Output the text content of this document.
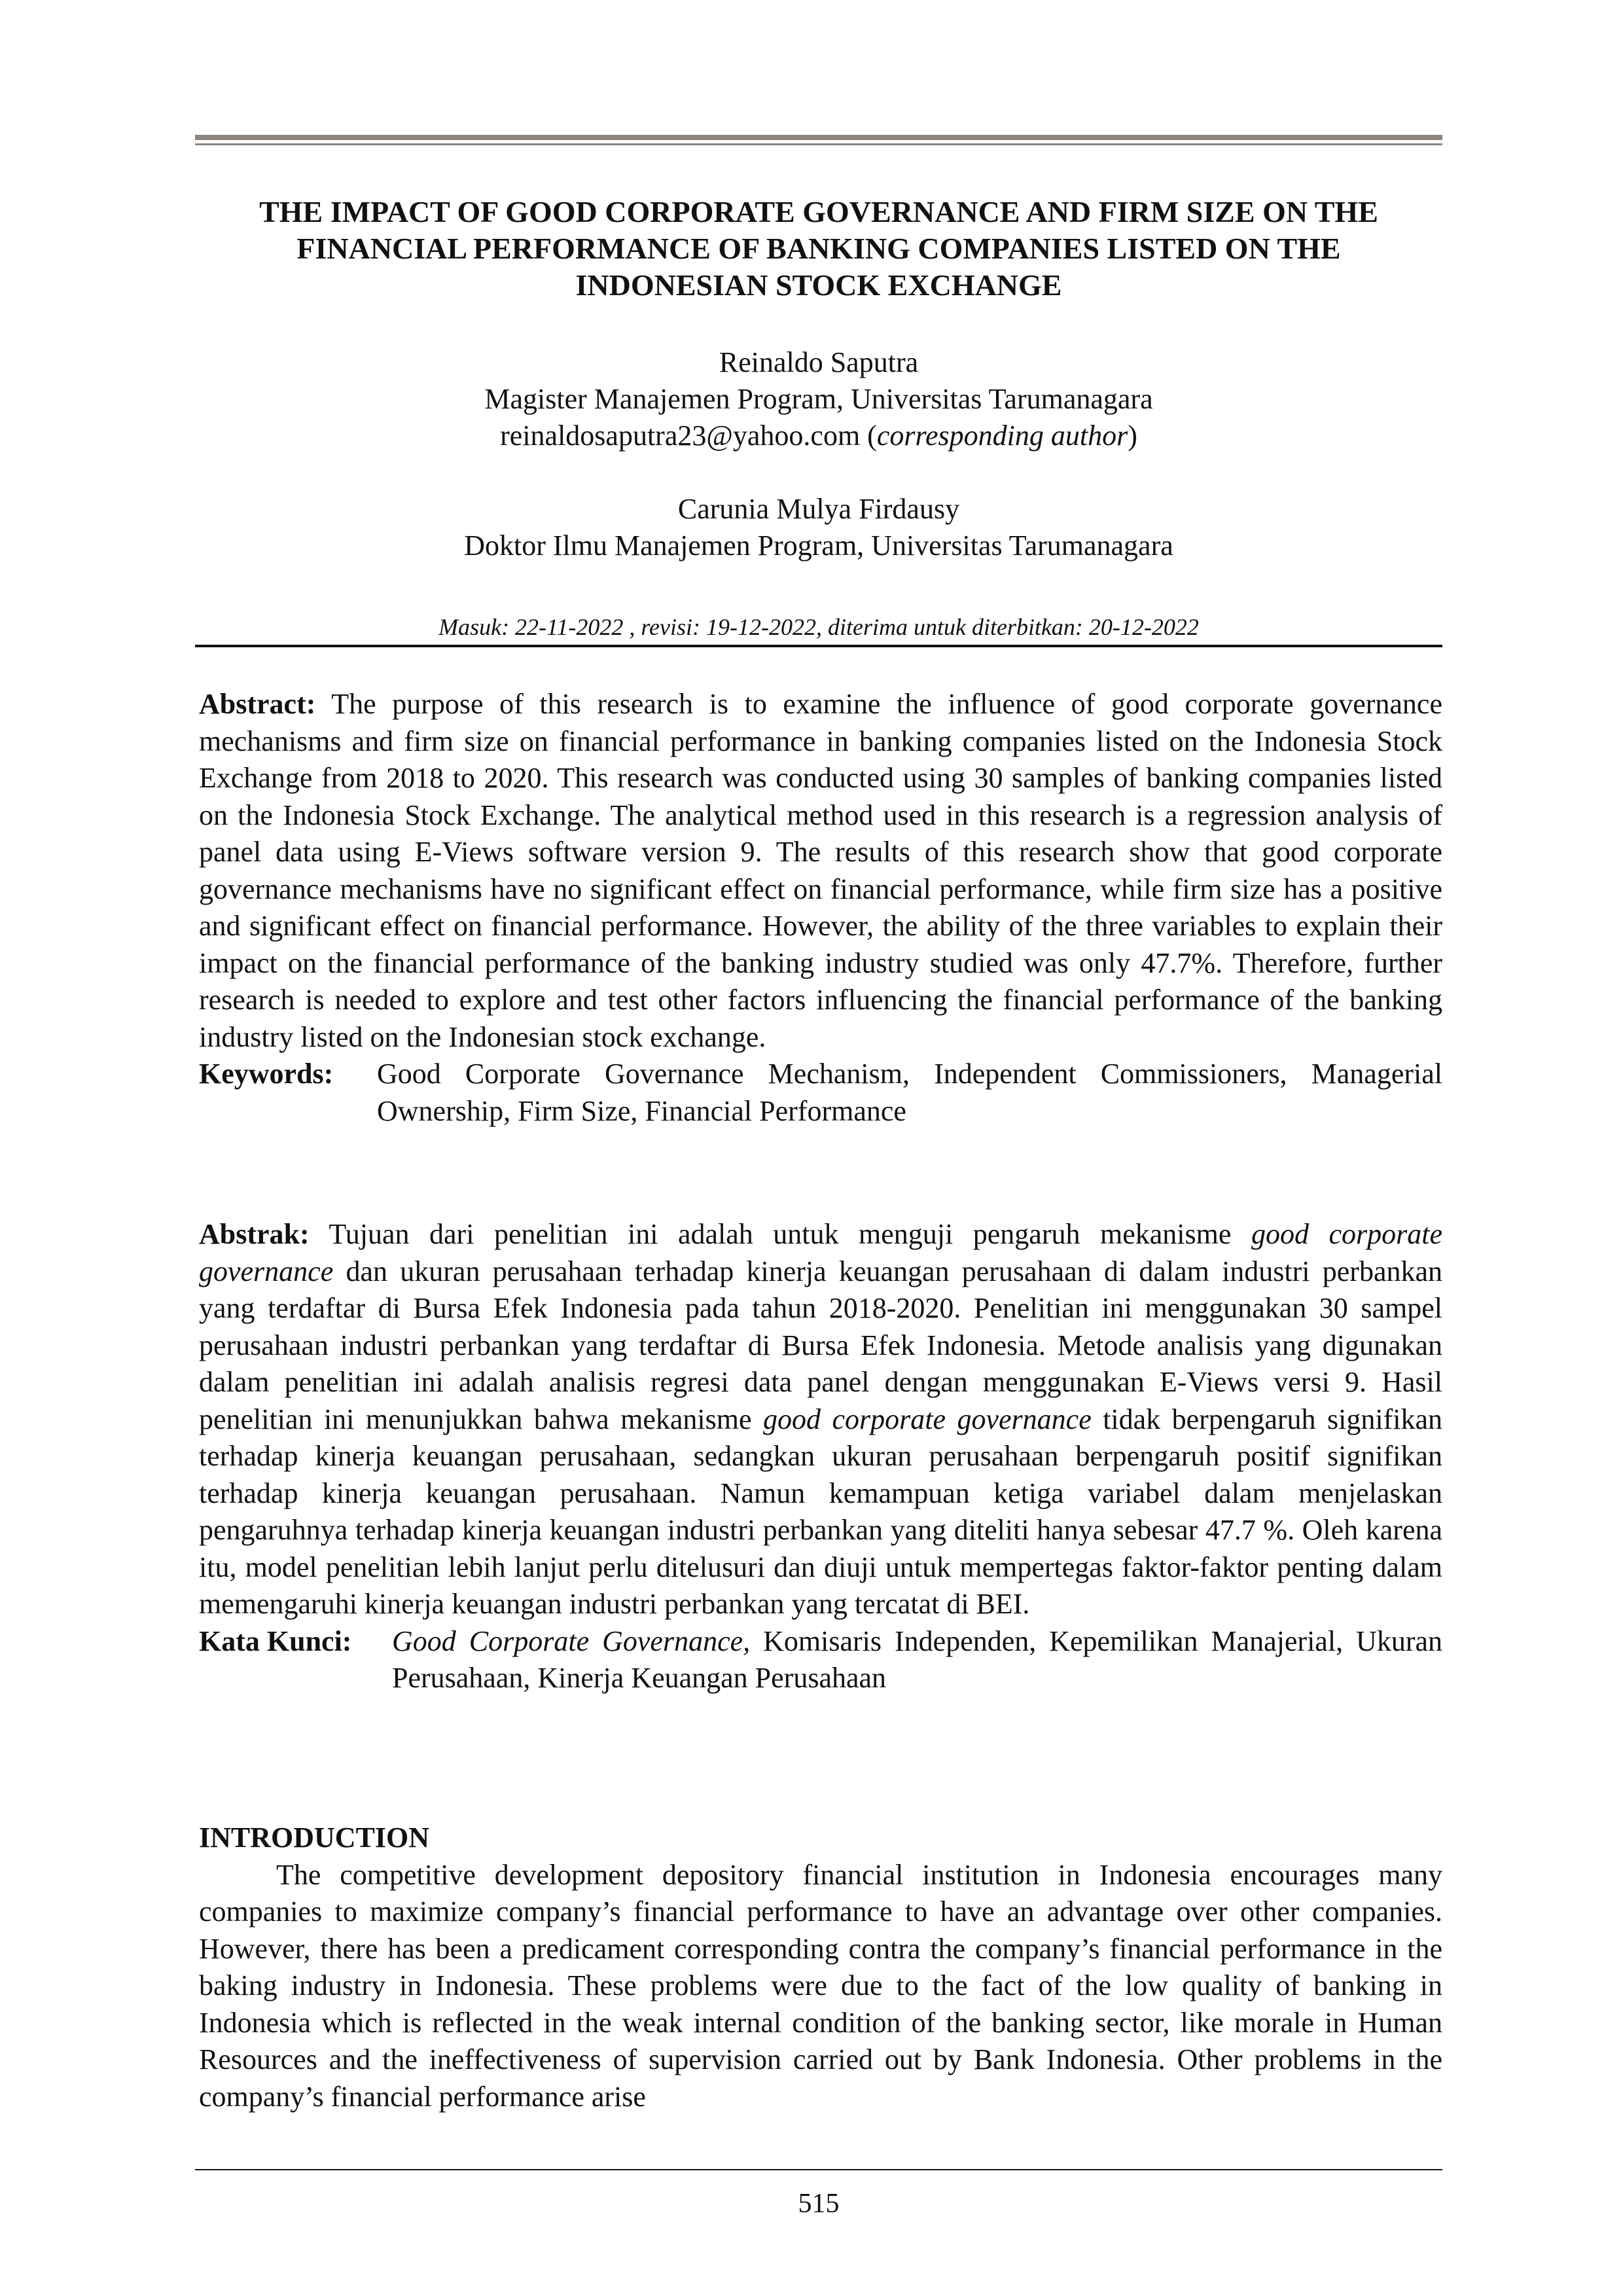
THE IMPACT OF GOOD CORPORATE GOVERNANCE AND FIRM SIZE ON THE
FINANCIAL PERFORMANCE OF BANKING COMPANIES LISTED ON THE
INDONESIAN STOCK EXCHANGE
Reinaldo Saputra
Magister Manajemen Program, Universitas Tarumanagara
reinaldosaputra23@yahoo.com (corresponding author)
Carunia Mulya Firdausy
Doktor Ilmu Manajemen Program, Universitas Tarumanagara
Masuk: 22-11-2022 , revisi: 19-12-2022, diterima untuk diterbitkan: 20-12-2022

Abstract: The purpose of this research is to examine the influence of good corporate governance mechanisms and firm size on financial performance in banking companies listed on the Indonesia Stock Exchange from 2018 to 2020. This research was conducted using 30 samples of banking companies listed on the Indonesia Stock Exchange. The analytical method used in this research is a regression analysis of panel data using E-Views software version 9. The results of this research show that good corporate governance mechanisms have no significant effect on financial performance, while firm size has a positive and significant effect on financial performance. However, the ability of the three variables to explain their impact on the financial performance of the banking industry studied was only 47.7%. Therefore, further research is needed to explore and test other factors influencing the financial performance of the banking industry listed on the Indonesian stock exchange.

Keywords:	Good Corporate Governance Mechanism, Independent Commissioners, Managerial Ownership, Firm Size, Financial Performance

Abstrak: Tujuan dari penelitian ini adalah untuk menguji pengaruh mekanisme good corporate governance dan ukuran perusahaan terhadap kinerja keuangan perusahaan di dalam industri perbankan yang terdaftar di Bursa Efek Indonesia pada tahun 2018-2020. Penelitian ini menggunakan 30 sampel perusahaan industri perbankan yang terdaftar di Bursa Efek Indonesia. Metode analisis yang digunakan dalam penelitian ini adalah analisis regresi data panel dengan menggunakan E-Views versi 9. Hasil penelitian ini menunjukkan bahwa mekanisme good corporate governance tidak berpengaruh signifikan terhadap kinerja keuangan perusahaan, sedangkan ukuran perusahaan berpengaruh positif signifikan terhadap kinerja keuangan perusahaan. Namun kemampuan ketiga variabel dalam menjelaskan pengaruhnya terhadap kinerja keuangan industri perbankan yang diteliti hanya sebesar 47.7 %. Oleh karena itu, model penelitian lebih lanjut perlu ditelusuri dan diuji untuk mempertegas faktor-faktor penting dalam memengaruhi kinerja keuangan industri perbankan yang tercatat di BEI.

Kata Kunci:	Good Corporate Governance, Komisaris Independen, Kepemilikan Manajerial, Ukuran Perusahaan, Kinerja Keuangan Perusahaan

INTRODUCTION

The competitive development depository financial institution in Indonesia encourages many companies to maximize company’s financial performance to have an advantage over other companies. However, there has been a predicament corresponding contra the company’s financial performance in the baking industry in Indonesia. These problems were due to the fact of the low quality of banking in Indonesia which is reflected in the weak internal condition of the banking sector, like morale in Human Resources and the ineffectiveness of supervision carried out by Bank Indonesia. Other problems in the company’s financial performance arise

515
